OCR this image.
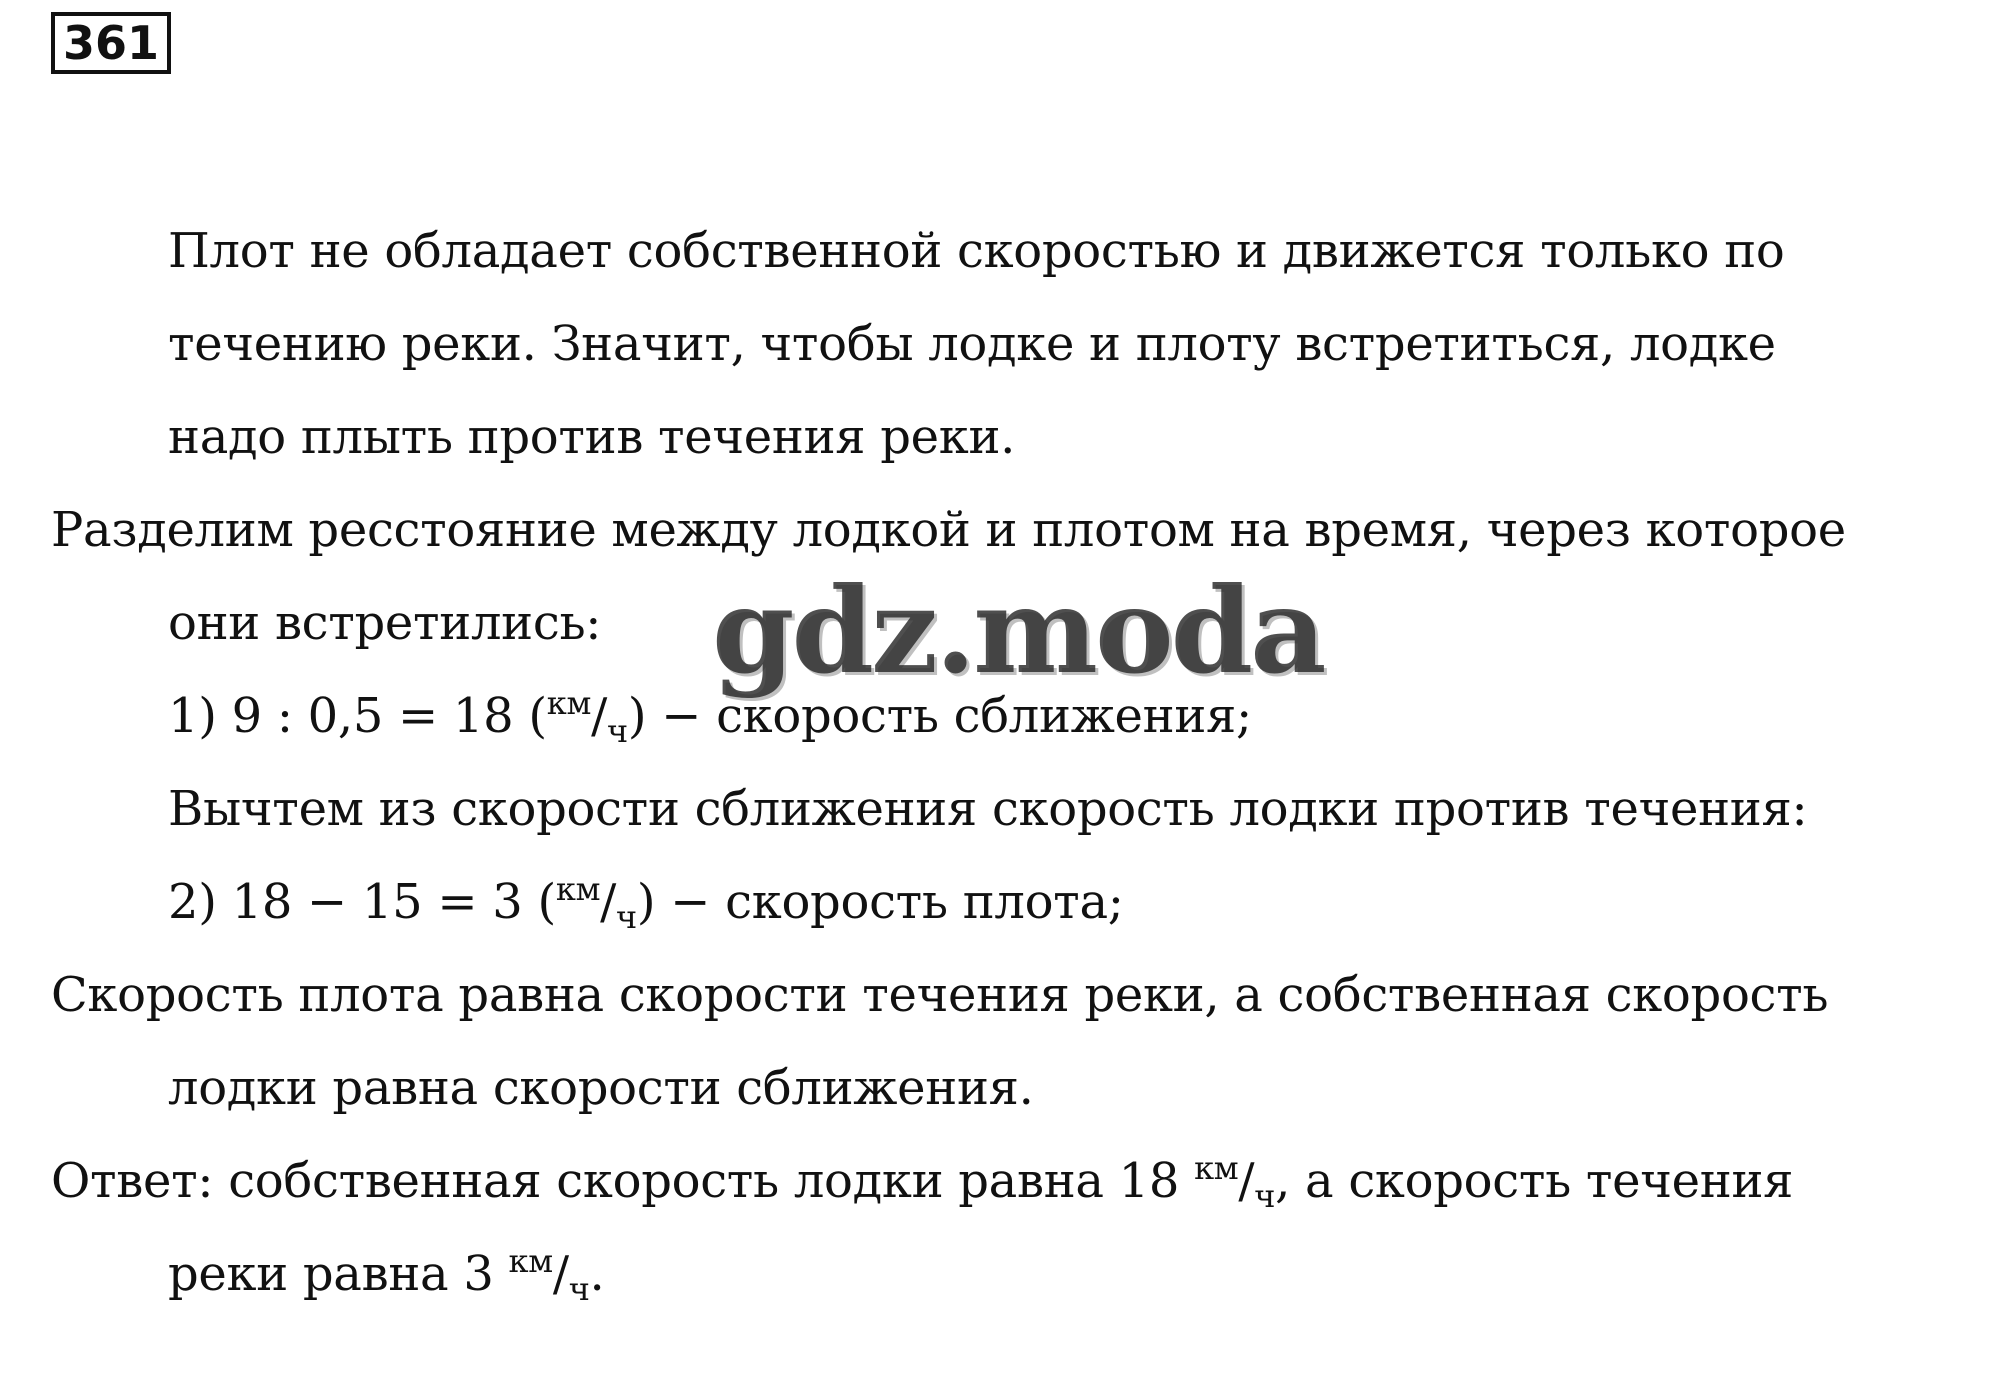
361
Плот не обладает собственной скоростью и движется только по
течению реки. Значит, чтобы лодке и плоту встретиться, лодке
надо плыть против течения реки.
Разделим ресстояние между лодкой и плотом на время, через которое
они встретились:
1) 9 : 0,5 = 18 $(^{км}/_ч)$ − скорость сближения;
Вычтем из скорости сближения скорость лодки против течения:
2) 18 − 15 = 3 $(^{км}/_ч)$ − скорость плота;
Скорость плота равна скорости течения реки, а собственная скорость
лодки равна скорости сближения.
Ответ: собственная скорость лодки равна 18 $^{км}/_ч$, а скорость течения
реки равна 3 $^{км}/_ч$.
gdz.moda
